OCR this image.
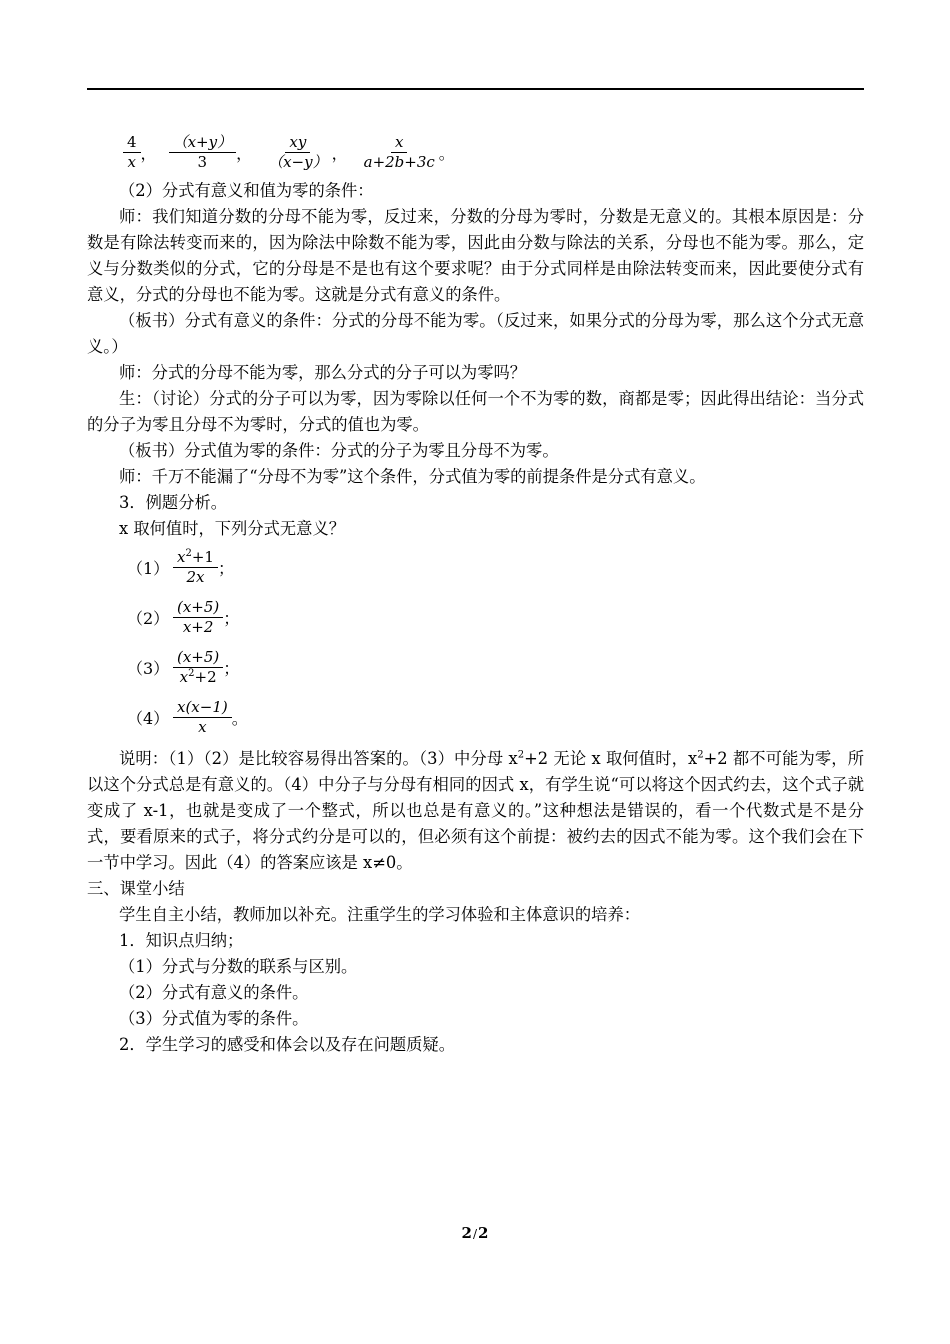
$\frac{4}{x}$ ， $\frac{(x+y)}{3}$ ， $\frac{xy}{(x-y)}$ ， $\frac{x}{a+2b+3c}$ 。

（2）分式有意义和值为零的条件：

师：我们知道分数的分母不能为零，反过来，分数的分母为零时，分数是无意义的。其根本原因是：分数是有除法转变而来的，因为除法中除数不能为零，因此由分数与除法的关系，分母也不能为零。那么，定义与分数类似的分式，它的分母是不是也有这个要求呢？由于分式同样是由除法转变而来，因此要使分式有意义，分式的分母也不能为零。这就是分式有意义的条件。

（板书）分式有意义的条件：分式的分母不能为零。（反过来，如果分式的分母为零，那么这个分式无意义。）

师：分式的分母不能为零，那么分式的分子可以为零吗？

生：（讨论）分式的分子可以为零，因为零除以任何一个不为零的数，商都是零；因此得出结论：当分式的分子为零且分母不为零时，分式的值也为零。

（板书）分式值为零的条件：分式的分子为零且分母不为零。

师：千万不能漏了“分母不为零”这个条件，分式值为零的前提条件是分式有意义。

3．例题分析。

x 取何值时，下列分式无意义？

$(1) \frac{x^2+1}{2x}$ ；
$(2) \frac{(x+5)}{x+2}$ ；
$(3) \frac{(x+5)}{x^2+2}$ ；
$(4) \frac{x(x-1)}{x}$ 。

说明：（1）（2）是比较容易得出答案的。（3）中分母 $x^2+2$ 无论 x 取何值时，$x^2+2$ 都不可能为零，所以这个分式总是有意义的。（4）中分子与分母有相同的因式 x，有学生说“可以将这个因式约去，这个式子就变成了 x-1，也就是变成了一个整式，所以也总是有意义的。”这种想法是错误的，看一个代数式是不是分式，要看原来的式子，将分式约分是可以的，但必须有这个前提：被约去的因式不能为零。这个我们会在下一节中学习。因此（4）的答案应该是 x≠0。

三、课堂小结

学生自主小结，教师加以补充。注重学生的学习体验和主体意识的培养：

1．知识点归纳；

（1）分式与分数的联系与区别。

（2）分式有意义的条件。

（3）分式值为零的条件。

2．学生学习的感受和体会以及存在问题质疑。

2/2
